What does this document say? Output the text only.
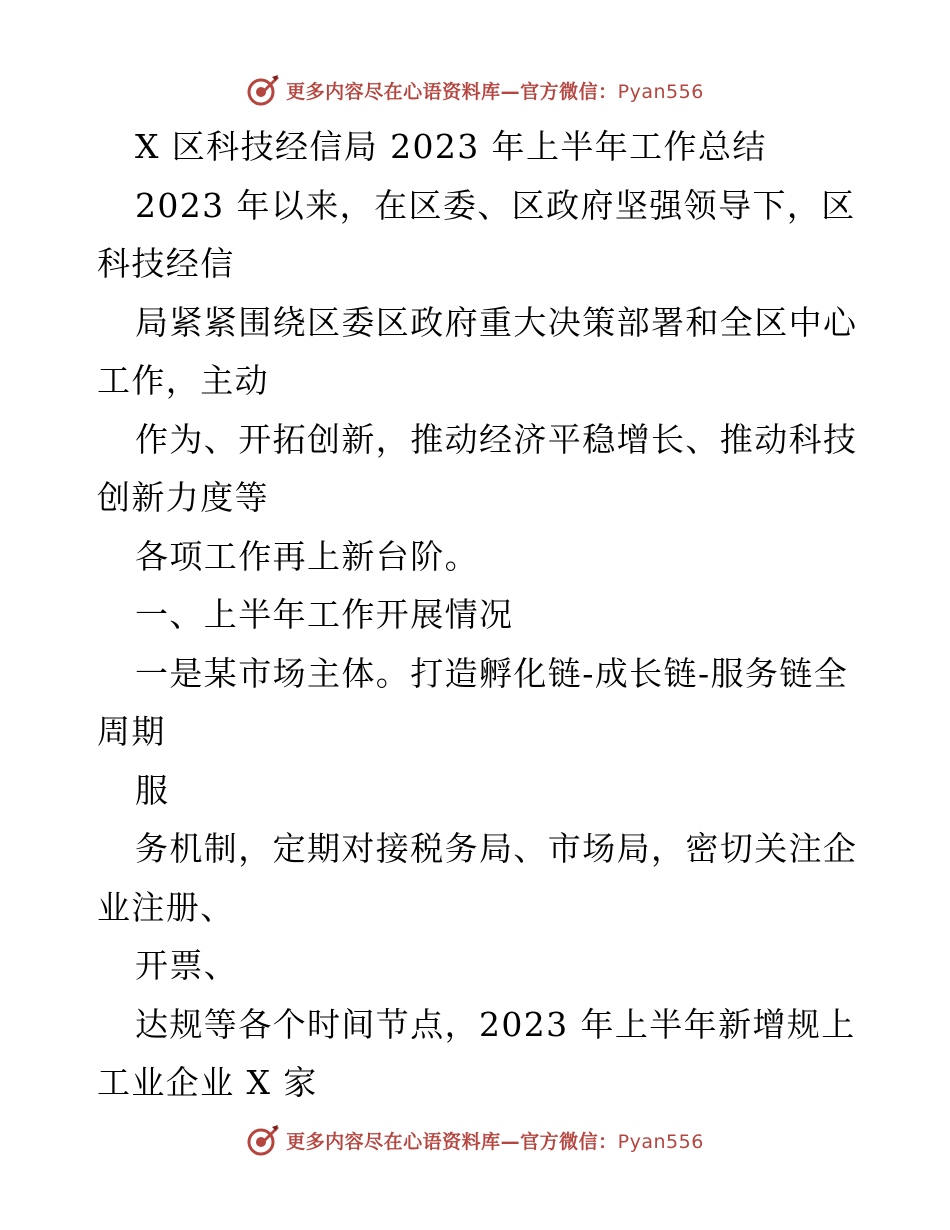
更多内容尽在心语资料库—官方微信：Pyan556
X 区科技经信局 2023 年上半年工作总结
2023 年以来，在区委、区政府坚强领导下，区
科技经信
局紧紧围绕区委区政府重大决策部署和全区中心
工作，主动
作为、开拓创新，推动经济平稳增长、推动科技
创新力度等
各项工作再上新台阶。
一、上半年工作开展情况
一是某市场主体。打造孵化链-成长链-服务链全
周期
服
务机制，定期对接税务局、市场局，密切关注企
业注册、
开票、
达规等各个时间节点，2023 年上半年新增规上
工业企业 X 家
更多内容尽在心语资料库—官方微信：Pyan556
